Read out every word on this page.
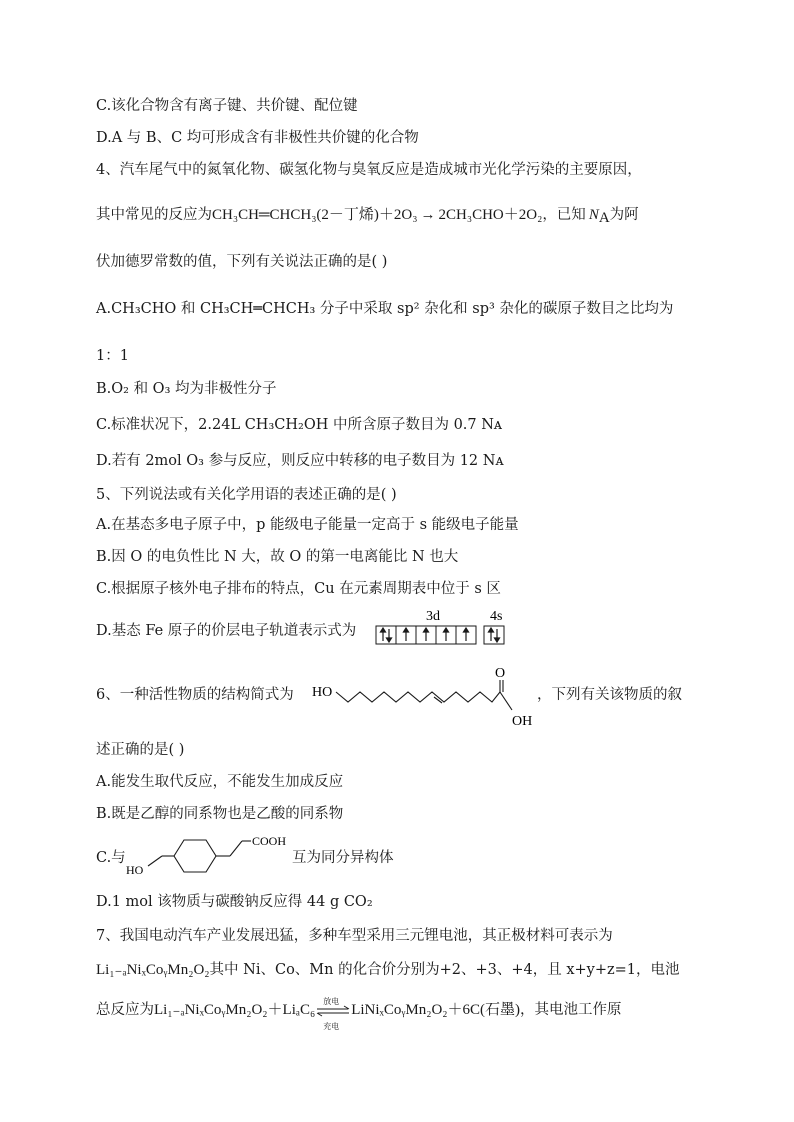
C.该化合物含有离子键、共价键、配位键
D.A 与 B、C 均可形成含有非极性共价键的化合物
4、汽车尾气中的氮氧化物、碳氢化物与臭氧反应是造成城市光化学污染的主要原因，
其中常见的反应为CH₃CH═CHCH₃(2－丁烯)＋2O₃ → 2CH₃CHO＋2O₂，已知 $N_A$为阿
伏加德罗常数的值，下列有关说法正确的是( )
A.CH₃CHO 和 CH₃CH═CHCH₃ 分子中采取 sp² 杂化和 sp³ 杂化的碳原子数目之比均为
1：1
B.O₂ 和 O₃ 均为非极性分子
C.标准状况下，2.24L CH₃CH₂OH 中所含原子数目为 0.7 Nᴀ
D.若有 2mol O₃ 参与反应，则反应中转移的电子数目为 12 Nᴀ
5、下列说法或有关化学用语的表述正确的是( )
A.在基态多电子原子中，p 能级电子能量一定高于 s 能级电子能量
B.因 O 的电负性比 N 大，故 O 的第一电离能比 N 也大
C.根据原子核外电子排布的特点，Cu 在元素周期表中位于 s 区
D.基态 Fe 原子的价层电子轨道表示式为
3d	4s
6、一种活性物质的结构简式为 HO
O
OH
，下列有关该物质的叙
述正确的是( )
A.能发生取代反应，不能发生加成反应
B.既是乙醇的同系物也是乙酸的同系物
C.与
HO
COOH
互为同分异构体
D.1 mol 该物质与碳酸钠反应得 44 g CO₂
7、我国电动汽车产业发展迅猛，多种车型采用三元锂电池，其正极材料可表示为
Li₁₋ₐNiₓCoᵧMn₂O₂其中 Ni、Co、Mn 的化合价分别为+2、+3、+4，且 x+y+z=1，电池
总反应为Li₁₋ₐNiₓCoᵧMn₂O₂＋LiₐC₆
放电
充电
LiNiₓCoᵧMn₂O₂＋6C(石墨)，其电池工作原
